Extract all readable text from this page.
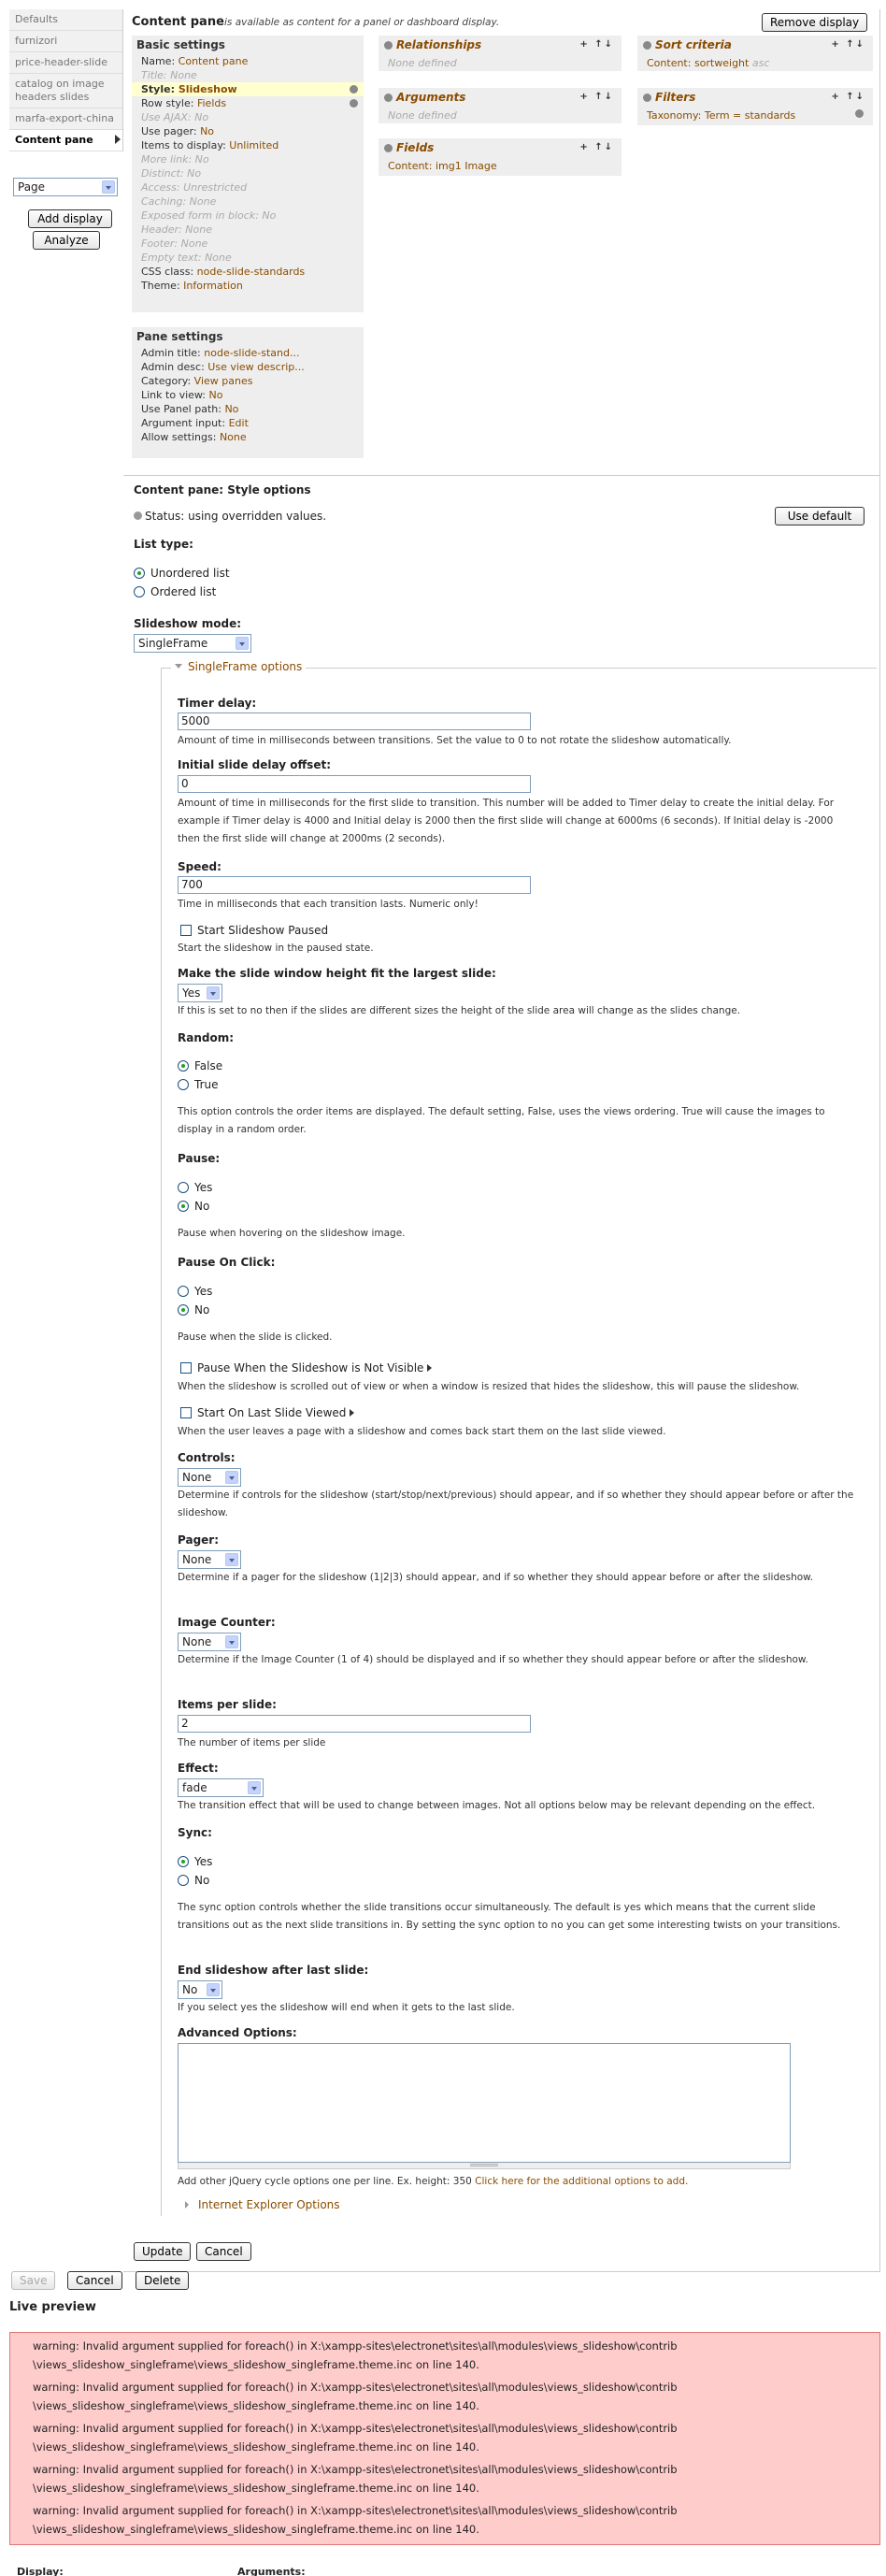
Defaults
furnizori
price-header-slide
catalog on image headers slides
marfa-export-china
Content pane
Page
Add display
Analyze
Content pane is available as content for a panel or dashboard display.	Remove display
Basic settings
Name: Content pane
Title: None
Style: Slideshow
Row style: Fields
Use AJAX: No
Use pager: No
Items to display: Unlimited
More link: No
Distinct: No
Access: Unrestricted
Caching: None
Exposed form in block: No
Header: None
Footer: None
Empty text: None
CSS class: node-slide-standards
Theme: Information
Pane settings
Admin title: node-slide-stand...
Admin desc: Use view descrip...
Category: View panes
Link to view: No
Use Panel path: No
Argument input: Edit
Allow settings: None
Relationships	+ ↑↓
None defined
Arguments	+ ↑↓
None defined
Fields	+ ↑↓
Content: img1 Image
Sort criteria	+ ↑↓
Content: sortweight asc
Filters	+ ↑↓
Taxonomy: Term = standards
Content pane: Style options
Status: using overridden values.	Use default
List type:
Unordered list
Ordered list
Slideshow mode:
SingleFrame
SingleFrame options
Timer delay:
5000
Amount of time in milliseconds between transitions. Set the value to 0 to not rotate the slideshow automatically.
Initial slide delay offset:
0
Amount of time in milliseconds for the first slide to transition. This number will be added to Timer delay to create the initial delay. For example if Timer delay is 4000 and Initial delay is 2000 then the first slide will change at 6000ms (6 seconds). If Initial delay is -2000 then the first slide will change at 2000ms (2 seconds).
Speed:
700
Time in milliseconds that each transition lasts. Numeric only!
Start Slideshow Paused
Start the slideshow in the paused state.
Make the slide window height fit the largest slide:
Yes
If this is set to no then if the slides are different sizes the height of the slide area will change as the slides change.
Random:
False
True
This option controls the order items are displayed. The default setting, False, uses the views ordering. True will cause the images to display in a random order.
Pause:
Yes
No
Pause when hovering on the slideshow image.
Pause On Click:
Yes
No
Pause when the slide is clicked.
Pause When the Slideshow is Not Visible
When the slideshow is scrolled out of view or when a window is resized that hides the slideshow, this will pause the slideshow.
Start On Last Slide Viewed
When the user leaves a page with a slideshow and comes back start them on the last slide viewed.
Controls:
None
Determine if controls for the slideshow (start/stop/next/previous) should appear, and if so whether they should appear before or after the slideshow.
Pager:
None
Determine if a pager for the slideshow (1|2|3) should appear, and if so whether they should appear before or after the slideshow.
Image Counter:
None
Determine if the Image Counter (1 of 4) should be displayed and if so whether they should appear before or after the slideshow.
Items per slide:
2
The number of items per slide
Effect:
fade
The transition effect that will be used to change between images. Not all options below may be relevant depending on the effect.
Sync:
Yes
No
The sync option controls whether the slide transitions occur simultaneously. The default is yes which means that the current slide transitions out as the next slide transitions in. By setting the sync option to no you can get some interesting twists on your transitions.
End slideshow after last slide:
No
If you select yes the slideshow will end when it gets to the last slide.
Advanced Options:
Add other jQuery cycle options one per line. Ex. height: 350 Click here for the additional options to add.
Internet Explorer Options
Update	Cancel
Save	Cancel	Delete
Live preview
warning: Invalid argument supplied for foreach() in X:\xampp-sites\electronet\sites\all\modules\views_slideshow\contrib
\views_slideshow_singleframe\views_slideshow_singleframe.theme.inc on line 140.
warning: Invalid argument supplied for foreach() in X:\xampp-sites\electronet\sites\all\modules\views_slideshow\contrib
\views_slideshow_singleframe\views_slideshow_singleframe.theme.inc on line 140.
warning: Invalid argument supplied for foreach() in X:\xampp-sites\electronet\sites\all\modules\views_slideshow\contrib
\views_slideshow_singleframe\views_slideshow_singleframe.theme.inc on line 140.
warning: Invalid argument supplied for foreach() in X:\xampp-sites\electronet\sites\all\modules\views_slideshow\contrib
\views_slideshow_singleframe\views_slideshow_singleframe.theme.inc on line 140.
warning: Invalid argument supplied for foreach() in X:\xampp-sites\electronet\sites\all\modules\views_slideshow\contrib
\views_slideshow_singleframe\views_slideshow_singleframe.theme.inc on line 140.
Display:	Arguments:
